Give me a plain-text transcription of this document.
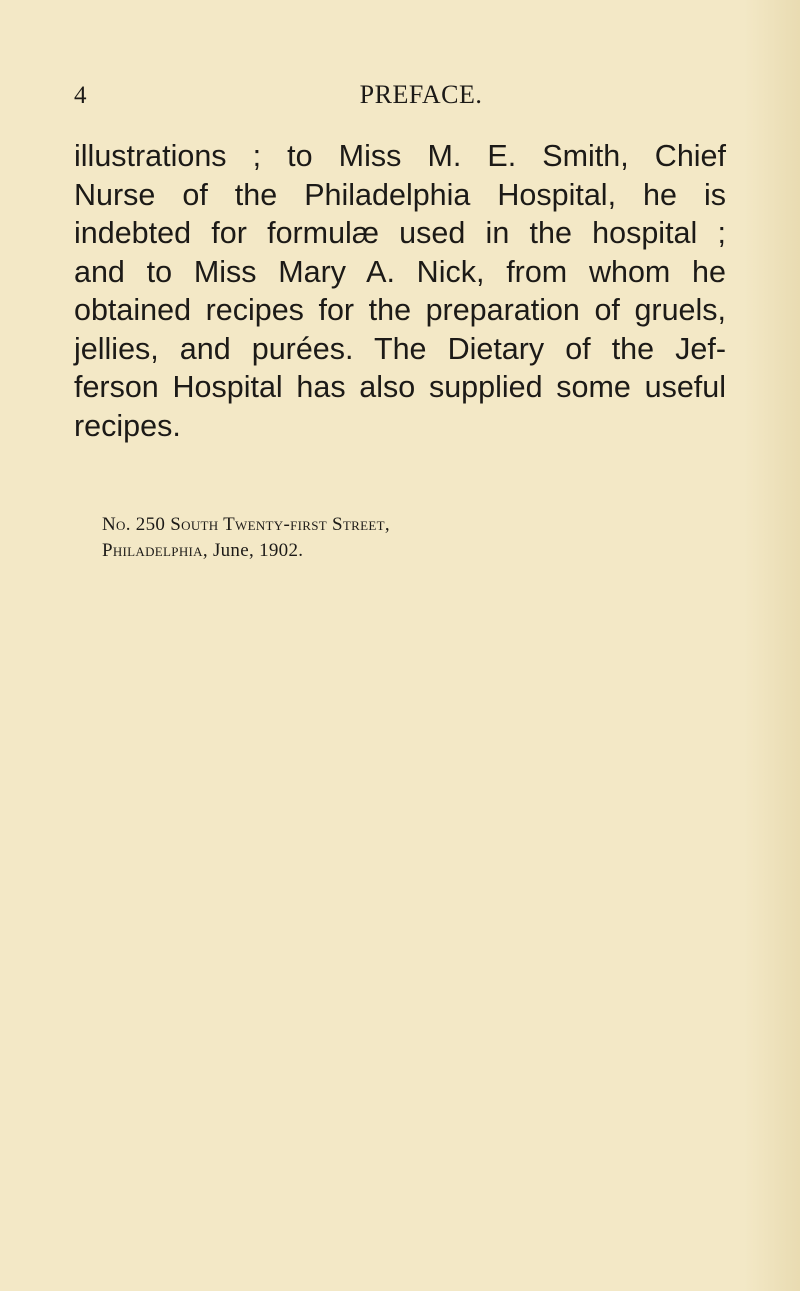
4	PREFACE.
illustrations ; to Miss M. E. Smith, Chief
Nurse of the Philadelphia Hospital, he is
indebted for formulæ used in the hospital ;
and to Miss Mary A. Nick, from whom he
obtained recipes for the preparation of gruels,
jellies, and purées. The Dietary of the Jef-
ferson Hospital has also supplied some useful
recipes.
No. 250 South Twenty-first Street,
Philadelphia, June, 1902.
